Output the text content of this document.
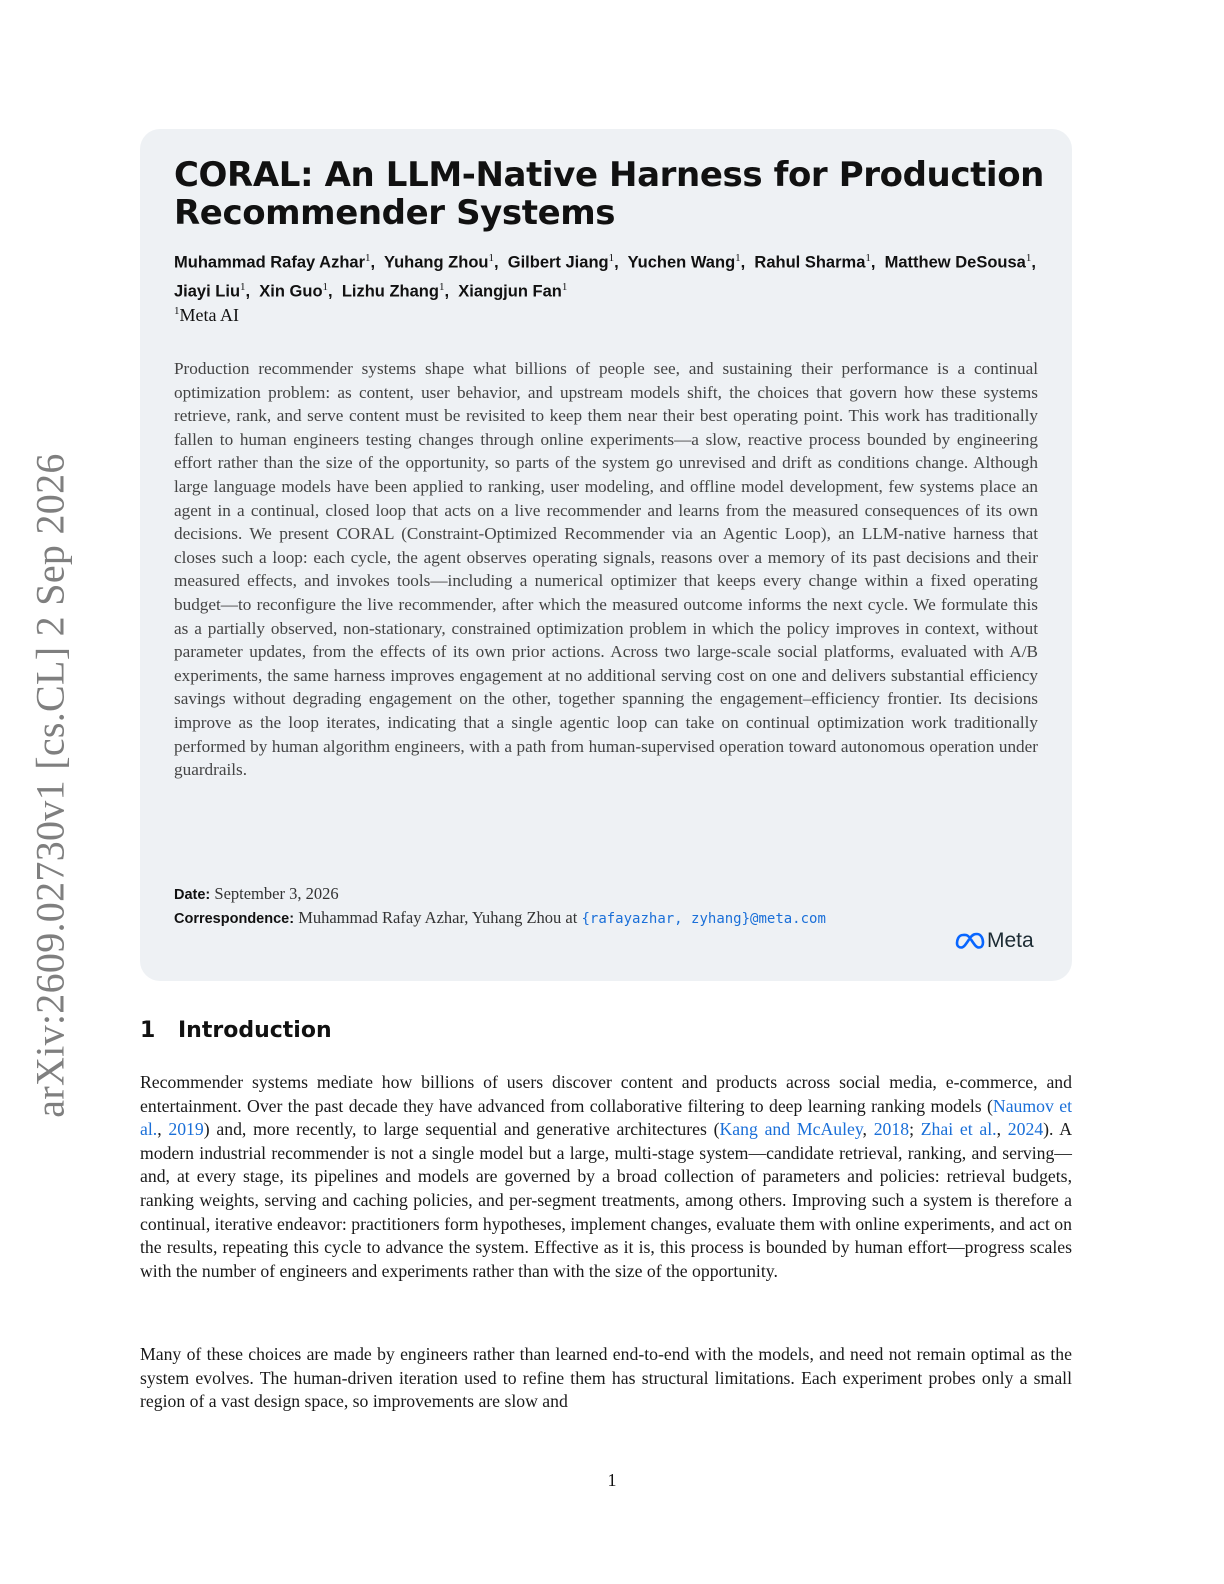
arXiv:2609.02730v1 [cs.CL] 2 Sep 2026
CORAL: An LLM-Native Harness for Production Recommender Systems

Muhammad Rafay Azhar$^1$,  Yuhang Zhou$^1$,  Gilbert Jiang$^1$,  Yuchen Wang$^1$,  Rahul Sharma$^1$,  Matthew DeSousa$^1$,  Jiayi Liu$^1$,  Xin Guo$^1$,  Lizhu Zhang$^1$,  Xiangjun Fan$^1$

$^1$Meta AI

Production recommender systems shape what billions of people see, and sustaining their performance is a continual optimization problem: as content, user behavior, and upstream models shift, the choices that govern how these systems retrieve, rank, and serve content must be revisited to keep them near their best operating point. This work has traditionally fallen to human engineers testing changes through online experiments—a slow, reactive process bounded by engineering effort rather than the size of the opportunity, so parts of the system go unrevised and drift as conditions change. Although large language models have been applied to ranking, user modeling, and offline model development, few systems place an agent in a continual, closed loop that acts on a live recommender and learns from the measured consequences of its own decisions. We present CORAL (Constraint-Optimized Recommender via an Agentic Loop), an LLM-native harness that closes such a loop: each cycle, the agent observes operating signals, reasons over a memory of its past decisions and their measured effects, and invokes tools—including a numerical optimizer that keeps every change within a fixed operating budget—to reconfigure the live recommender, after which the measured outcome informs the next cycle. We formulate this as a partially observed, non-stationary, constrained optimization problem in which the policy improves in context, without parameter updates, from the effects of its own prior actions. Across two large-scale social platforms, evaluated with A/B experiments, the same harness improves engagement at no additional serving cost on one and delivers substantial efficiency savings without degrading engagement on the other, together spanning the engagement–efficiency frontier. Its decisions improve as the loop iterates, indicating that a single agentic loop can take on continual optimization work traditionally performed by human algorithm engineers, with a path from human-supervised operation toward autonomous operation under guardrails.

Date: September 3, 2026

Correspondence: Muhammad Rafay Azhar, Yuhang Zhou at {rafayazhar, zyhang}@meta.com

Meta
1 Introduction

Recommender systems mediate how billions of users discover content and products across social media, e-commerce, and entertainment. Over the past decade they have advanced from collaborative filtering to deep learning ranking models (Naumov et al., 2019) and, more recently, to large sequential and generative architectures (Kang and McAuley, 2018; Zhai et al., 2024). A modern industrial recommender is not a single model but a large, multi-stage system—candidate retrieval, ranking, and serving—and, at every stage, its pipelines and models are governed by a broad collection of parameters and policies: retrieval budgets, ranking weights, serving and caching policies, and per-segment treatments, among others. Improving such a system is therefore a continual, iterative endeavor: practitioners form hypotheses, implement changes, evaluate them with online experiments, and act on the results, repeating this cycle to advance the system. Effective as it is, this process is bounded by human effort—progress scales with the number of engineers and experiments rather than with the size of the opportunity.

Many of these choices are made by engineers rather than learned end-to-end with the models, and need not remain optimal as the system evolves. The human-driven iteration used to refine them has structural limitations. Each experiment probes only a small region of a vast design space, so improvements are slow and

1
